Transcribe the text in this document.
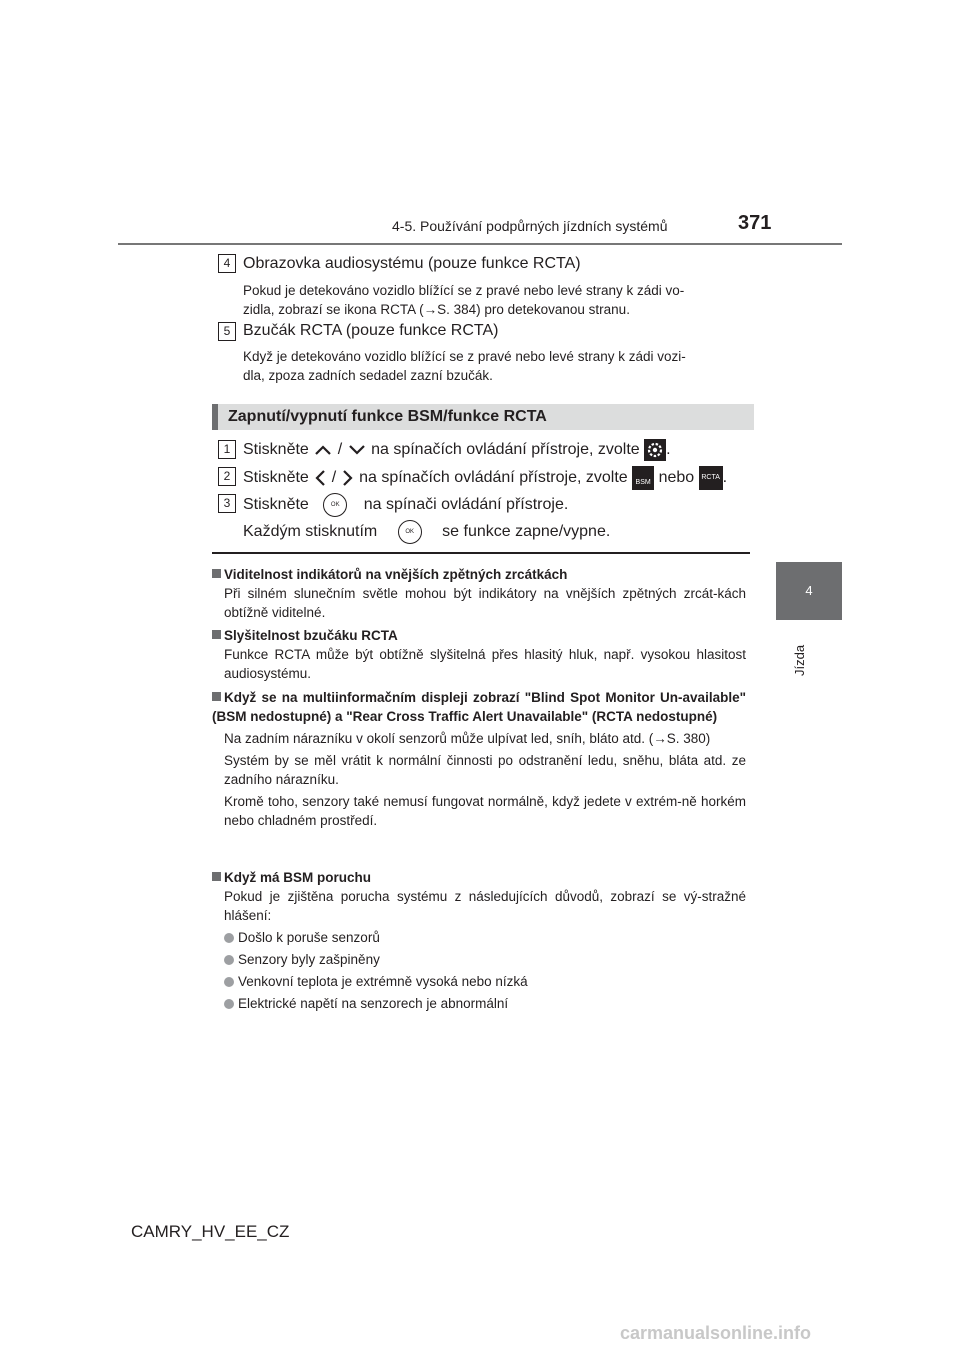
4-5. Používání podpůrných jízdních systémů	371
4
Jízda
4 Obrazovka audiosystému (pouze funkce RCTA)
Pokud je detekováno vozidlo blížící se z pravé nebo levé strany k zádi vo-
zidla, zobrazí se ikona RCTA (→S. 384) pro detekovanou stranu.
5 Bzučák RCTA (pouze funkce RCTA)
Když je detekováno vozidlo blížící se z pravé nebo levé strany k zádi vozi-
dla, zpoza zadních sedadel zazní bzučák.
Zapnutí/vypnutí funkce BSM/funkce RCTA
1 Stiskněte / na spínačích ovládání přístroje, zvolte .
2 Stiskněte / na spínačích ovládání přístroje, zvolte BSM nebo RCTA .
3 Stiskněte	OK na spínači ovládání přístroje.
Každým stisknutím	OK se funkce zapne/vypne.
Viditelnost indikátorů na vnějších zpětných zrcátkách
Při silném slunečním světle mohou být indikátory na vnějších zpětných zrcát-kách obtížně viditelné.
Slyšitelnost bzučáku RCTA
Funkce RCTA může být obtížně slyšitelná přes hlasitý hluk, např. vysokou hlasitost audiosystému.
Když se na multiinformačním displeji zobrazí "Blind Spot Monitor Un-available" (BSM nedostupné) a "Rear Cross Traffic Alert Unavailable" (RCTA nedostupné)
Na zadním nárazníku v okolí senzorů může ulpívat led, sníh, bláto atd. (→S. 380)
Systém by se měl vrátit k normální činnosti po odstranění ledu, sněhu, bláta atd. ze zadního nárazníku.
Kromě toho, senzory také nemusí fungovat normálně, když jedete v extrém-ně horkém nebo chladném prostředí.
Když má BSM poruchu
Pokud je zjištěna porucha systému z následujících důvodů, zobrazí se vý-stražné hlášení:
Došlo k poruše senzorů
Senzory byly zašpiněny
Venkovní teplota je extrémně vysoká nebo nízká
Elektrické napětí na senzorech je abnormální
CAMRY_HV_EE_CZ
carmanualsonline.info
